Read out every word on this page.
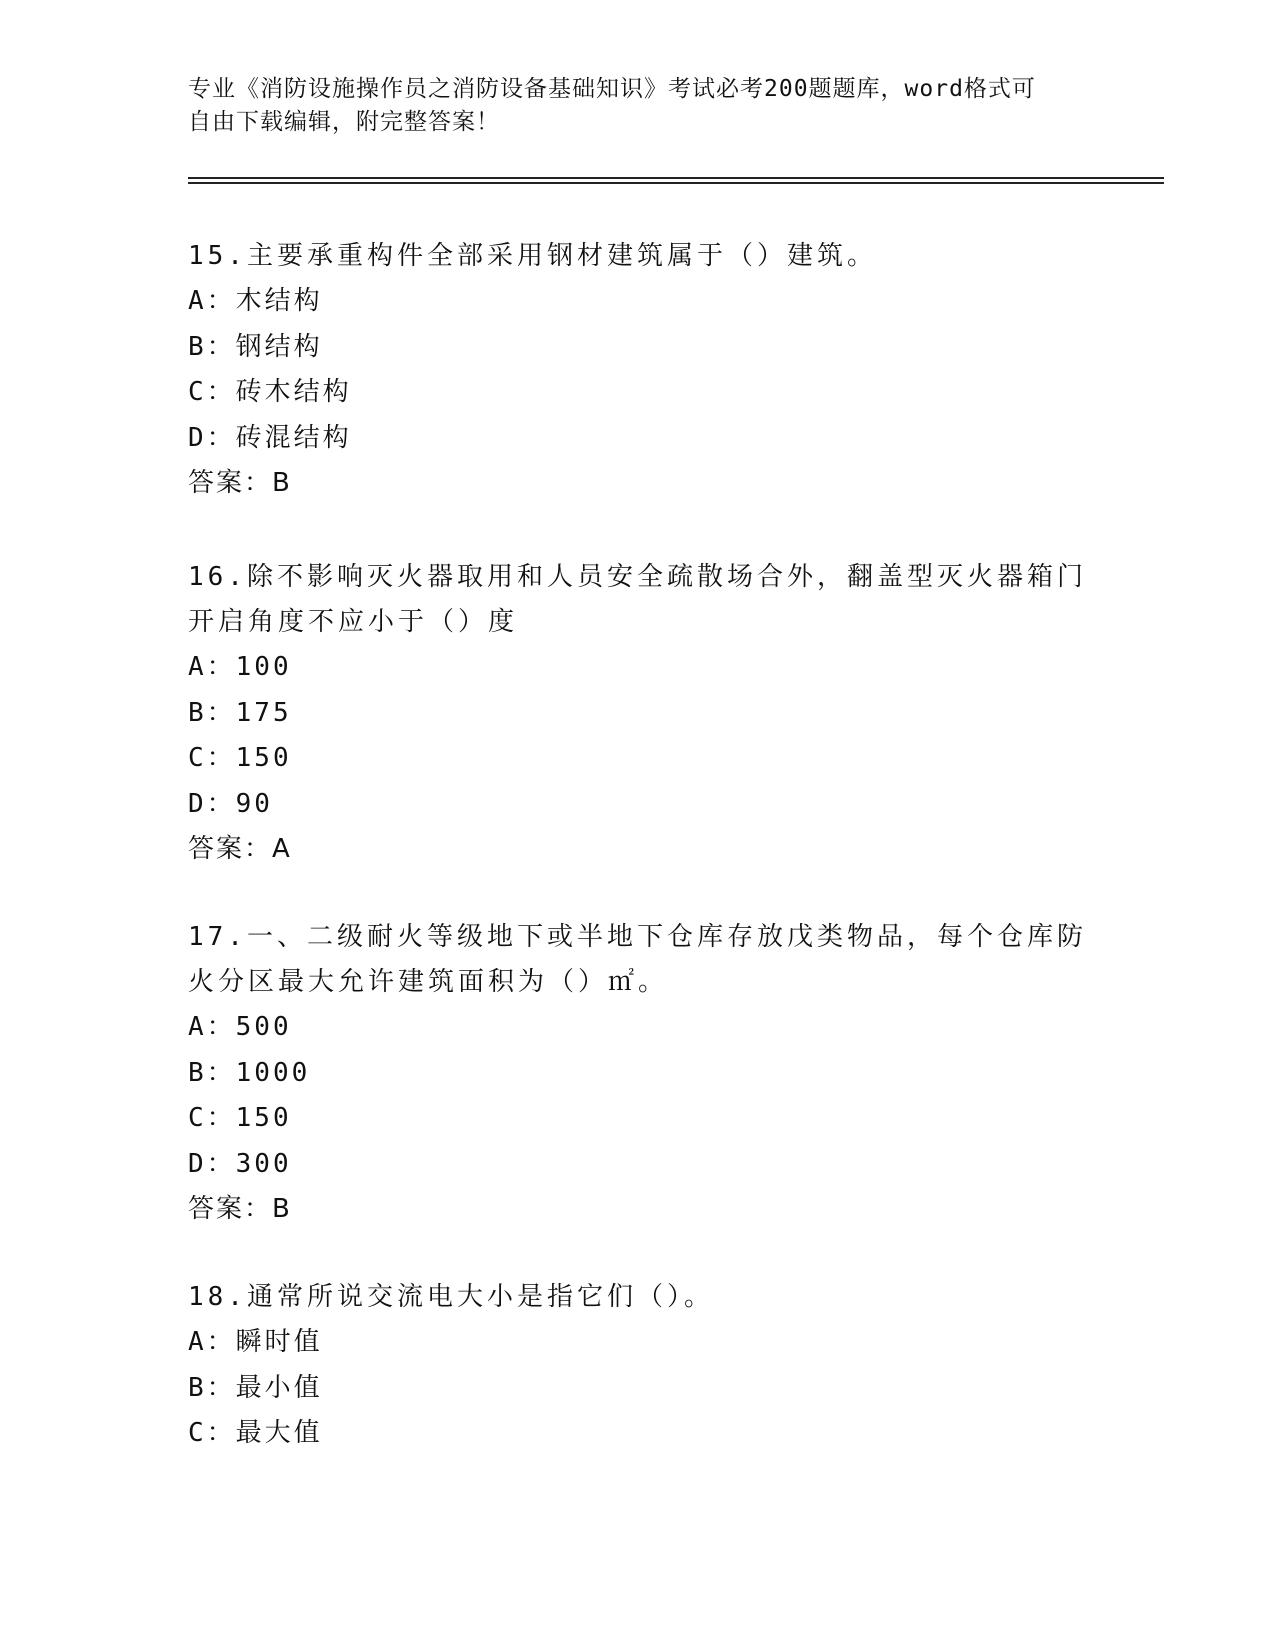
专业《消防设施操作员之消防设备基础知识》考试必考200题题库，word格式可
自由下载编辑，附完整答案！

15.主要承重构件全部采用钢材建筑属于（）建筑。

A：木结构
B：钢结构
C：砖木结构
D：砖混结构
答案：B

16.除不影响灭火器取用和人员安全疏散场合外，翻盖型灭火器箱门开启角度不应小于（）度

A：100
B：175
C：150
D：90
答案：A

17.一、二级耐火等级地下或半地下仓库存放戊类物品，每个仓库防火分区最大允许建筑面积为（）㎡。

A：500
B：1000
C：150
D：300
答案：B

18.通常所说交流电大小是指它们（）。

A：瞬时值
B：最小值
C：最大值
